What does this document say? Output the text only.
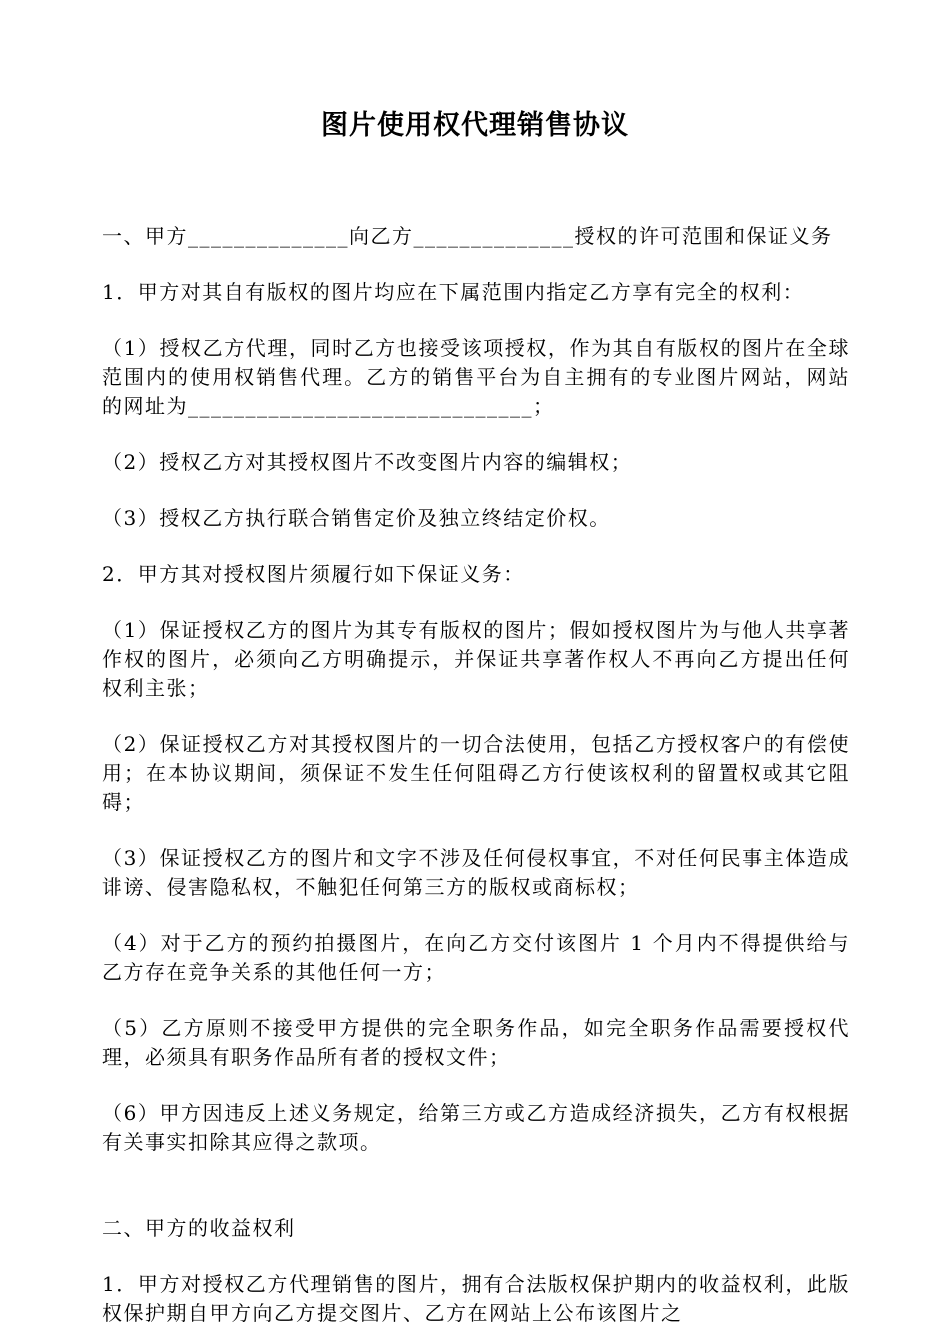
图片使用权代理销售协议

一、甲方______________向乙方______________授权的许可范围和保证义务

1．甲方对其自有版权的图片均应在下属范围内指定乙方享有完全的权利：

（1）授权乙方代理，同时乙方也接受该项授权，作为其自有版权的图片在全球范围内的使用权销售代理。乙方的销售平台为自主拥有的专业图片网站，网站的网址为______________________________；

（2）授权乙方对其授权图片不改变图片内容的编辑权；

（3）授权乙方执行联合销售定价及独立终结定价权。

2．甲方其对授权图片须履行如下保证义务：

（1）保证授权乙方的图片为其专有版权的图片；假如授权图片为与他人共享著作权的图片，必须向乙方明确提示，并保证共享著作权人不再向乙方提出任何权利主张；

（2）保证授权乙方对其授权图片的一切合法使用，包括乙方授权客户的有偿使用；在本协议期间，须保证不发生任何阻碍乙方行使该权利的留置权或其它阻碍；

（3）保证授权乙方的图片和文字不涉及任何侵权事宜，不对任何民事主体造成诽谤、侵害隐私权，不触犯任何第三方的版权或商标权；

（4）对于乙方的预约拍摄图片，在向乙方交付该图片 1 个月内不得提供给与乙方存在竞争关系的其他任何一方；

（5）乙方原则不接受甲方提供的完全职务作品，如完全职务作品需要授权代理，必须具有职务作品所有者的授权文件；

（6）甲方因违反上述义务规定，给第三方或乙方造成经济损失，乙方有权根据有关事实扣除其应得之款项。

二、甲方的收益权利

1．甲方对授权乙方代理销售的图片，拥有合法版权保护期内的收益权利，此版权保护期自甲方向乙方提交图片、乙方在网站上公布该图片之
